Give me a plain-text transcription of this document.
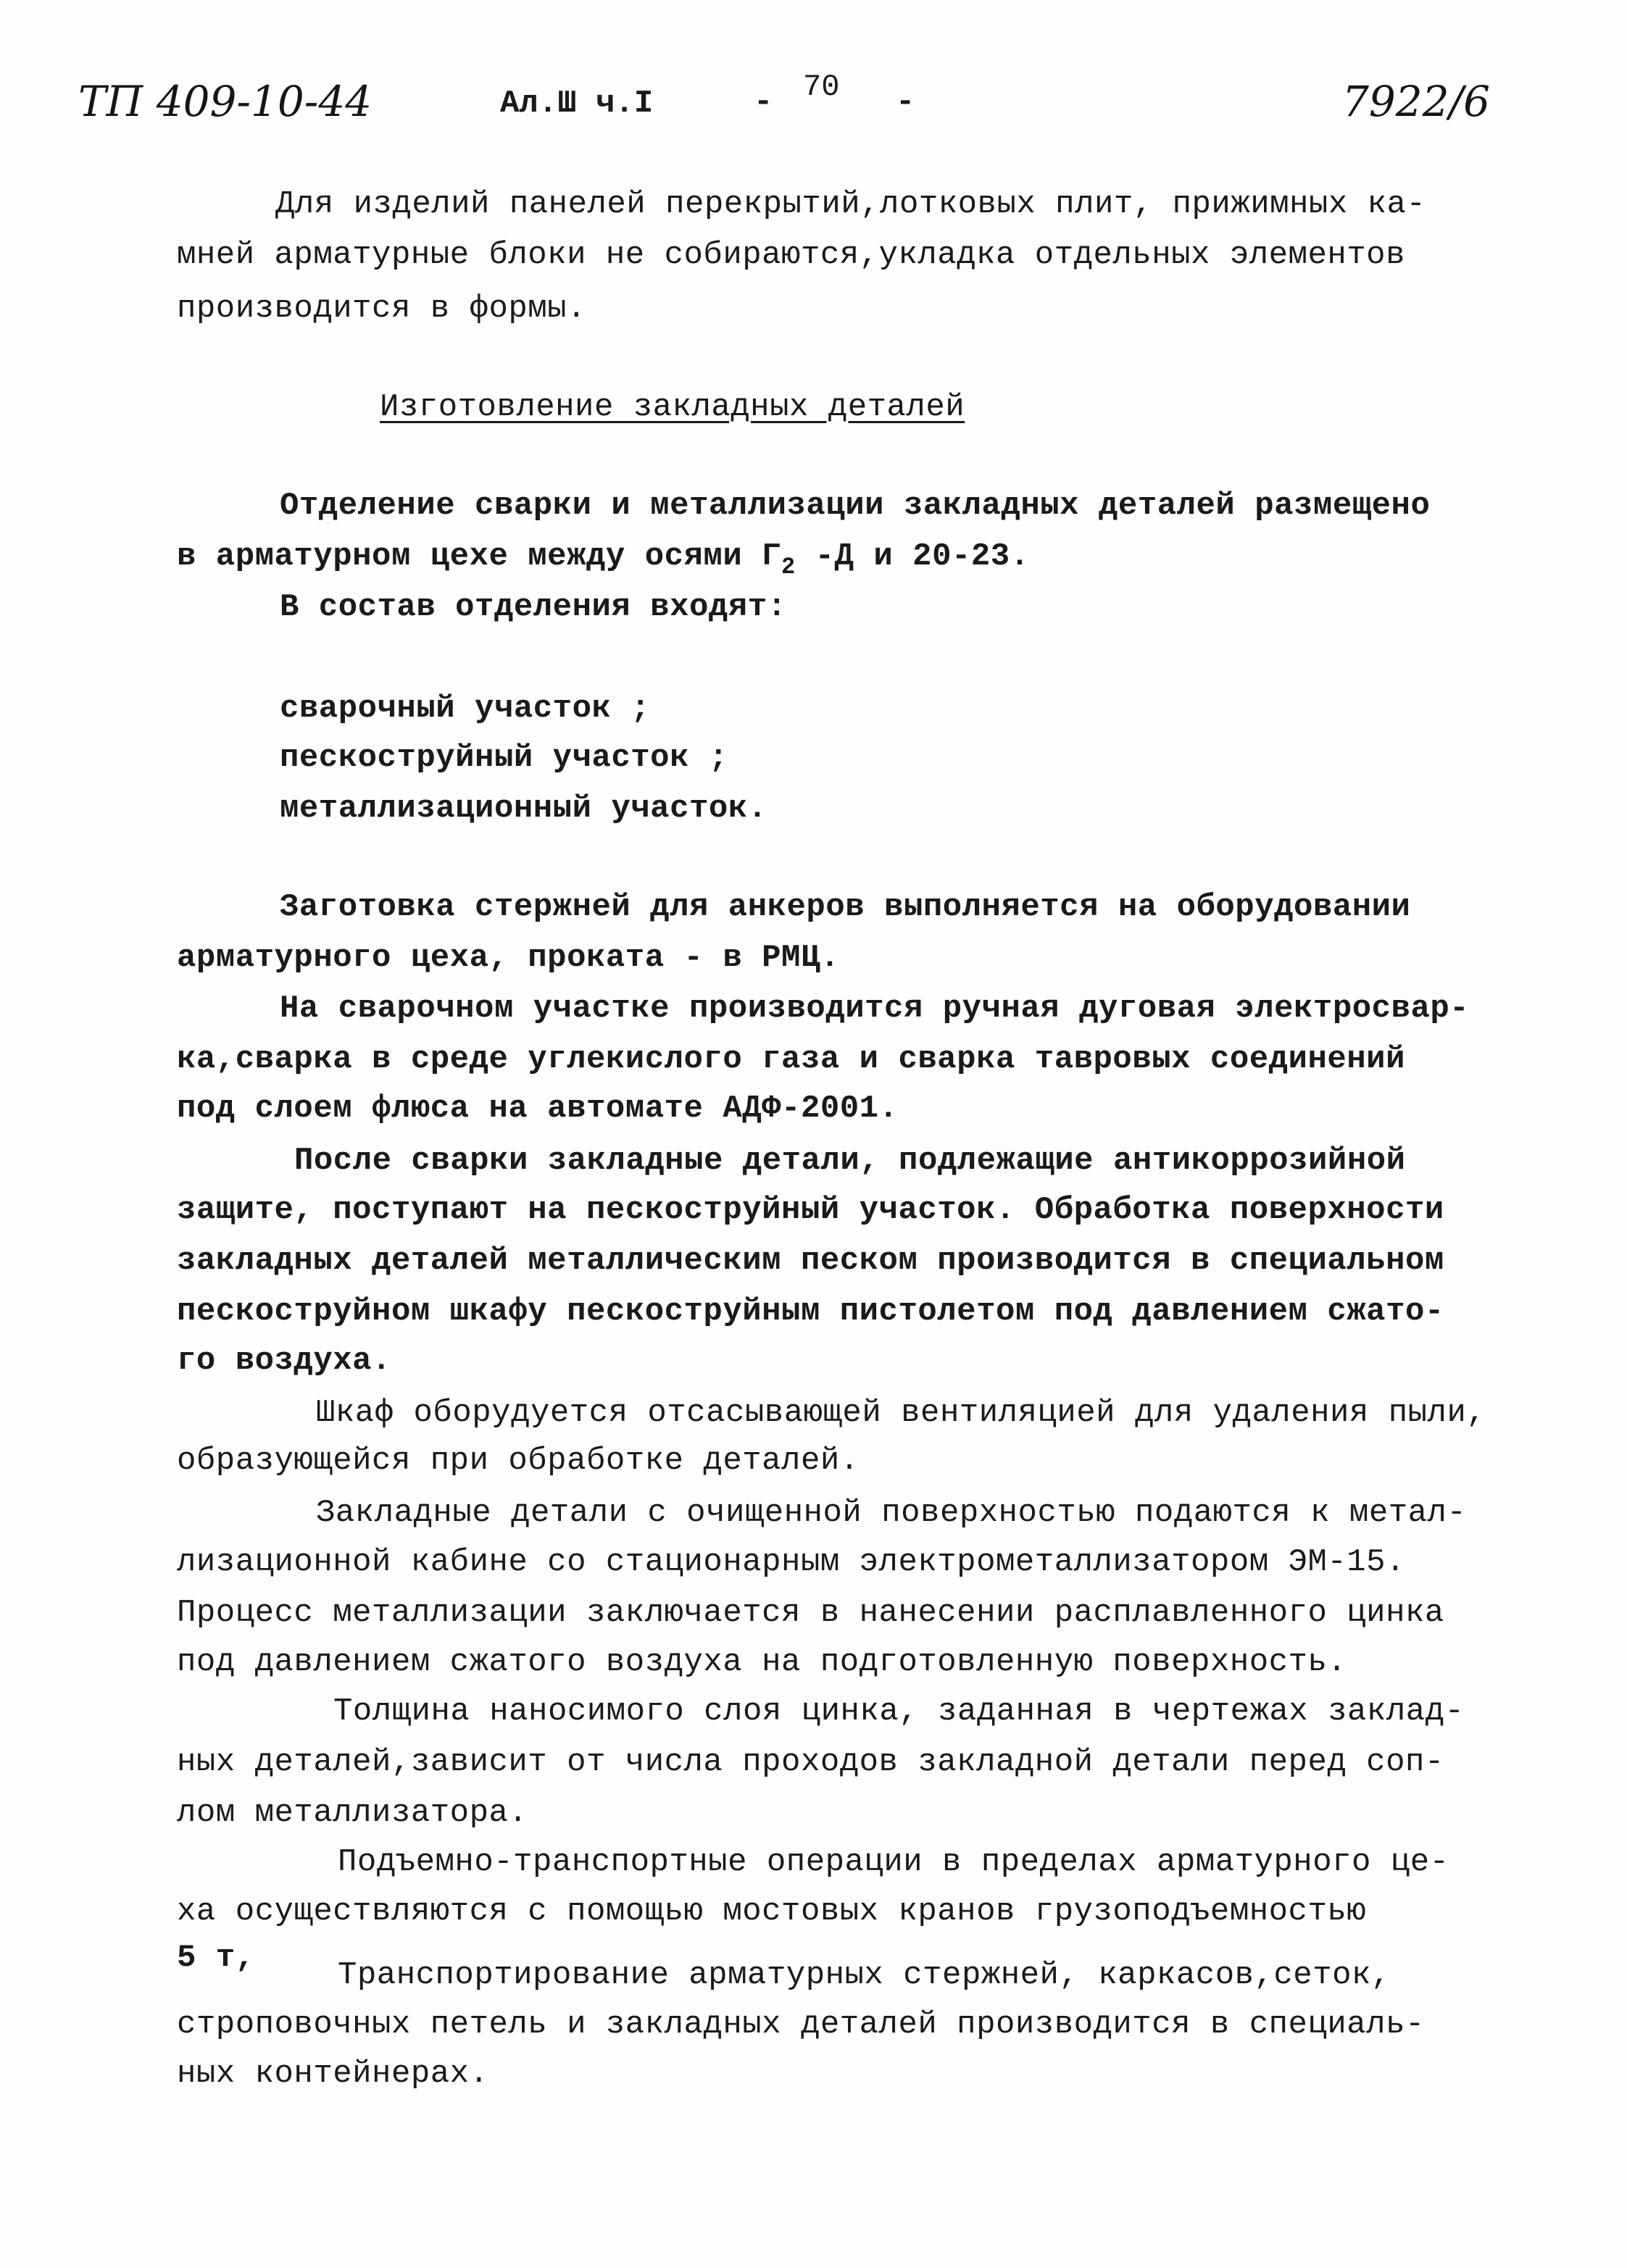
ТП 409-10-44	Ал.Ш ч.I	- 70 -	7922/6
Для изделий панелей перекрытий,лотковых плит, прижимных ка-
мней арматурные блоки не собираются,укладка отдельных элементов
производится в формы.
Изготовление закладных деталей
Отделение сварки и металлизации закладных деталей размещено
в арматурном цехе между осями $Г_2$ -Д и 20-23.
В состав отделения входят:
сварочный участок ;
пескоструйный участок ;
металлизационный участок.
Заготовка стержней для анкеров выполняется на оборудовании
арматурного цеха, проката - в РМЦ.
На сварочном участке производится ручная дуговая электросвар-
ка,сварка в среде углекислого газа и сварка тавровых соединений
под слоем флюса на автомате АДФ-2001.
После сварки закладные детали, подлежащие антикоррозийной
защите, поступают на пескоструйный участок. Обработка поверхности
закладных деталей металлическим песком производится в специальном
пескоструйном шкафу пескоструйным пистолетом под давлением сжато-
го воздуха.
Шкаф оборудуется отсасывающей вентиляцией для удаления пыли,
образующейся при обработке деталей.
Закладные детали с очищенной поверхностью подаются к метал-
лизационной кабине со стационарным электрометаллизатором ЭМ-15.
Процесс металлизации заключается в нанесении расплавленного цинка
под давлением сжатого воздуха на подготовленную поверхность.
Толщина наносимого слоя цинка, заданная в чертежах заклад-
ных деталей,зависит от числа проходов закладной детали перед соп-
лом металлизатора.
Подъемно-транспортные операции в пределах арматурного це-
ха осуществляются с помощью мостовых кранов грузоподъемностью
5 т,	Транспортирование арматурных стержней, каркасов,сеток,
строповочных петель и закладных деталей производится в специаль-
ных контейнерах.
